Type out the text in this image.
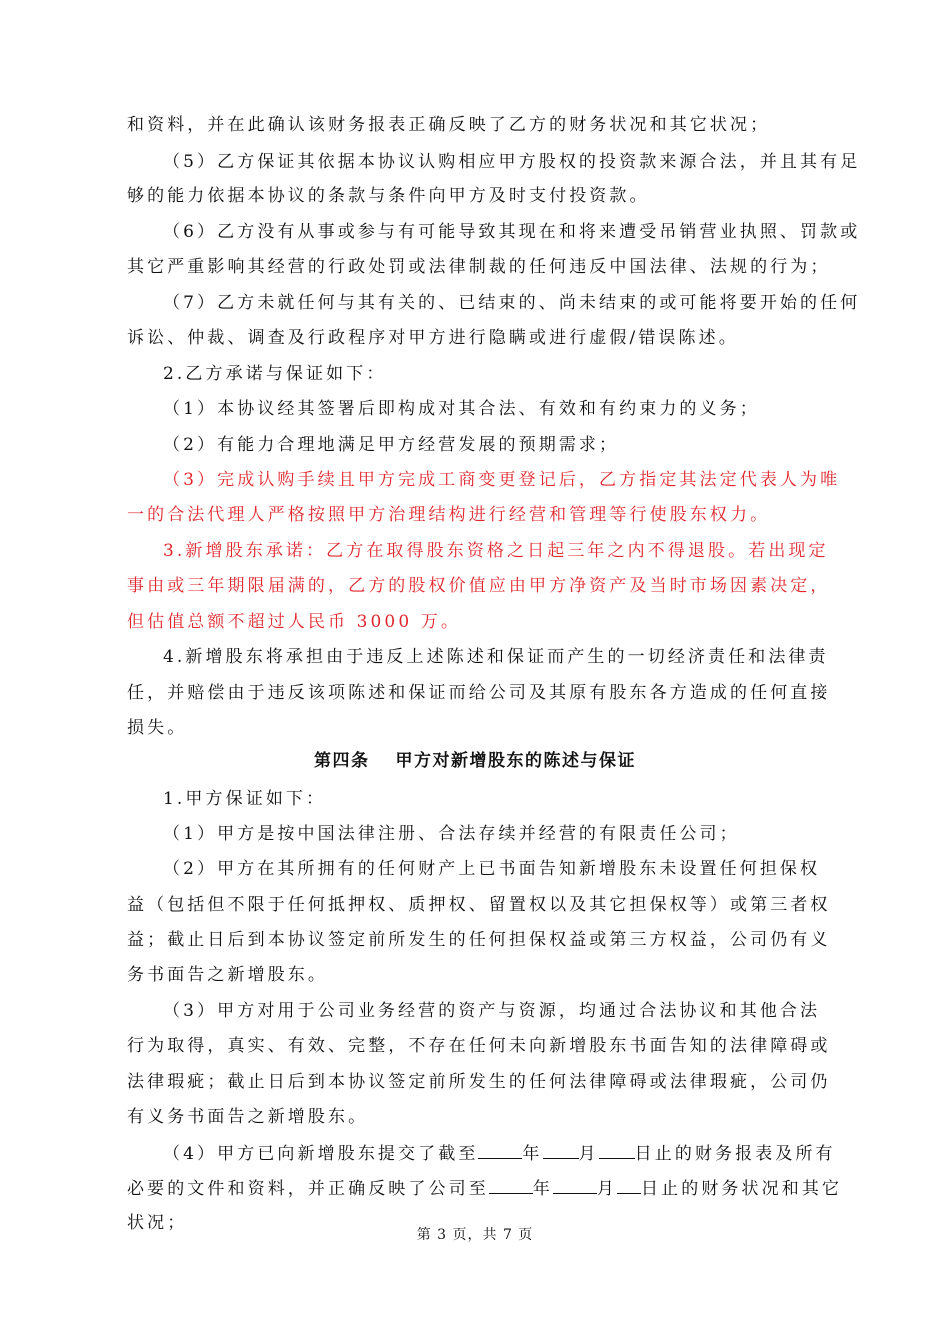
和资料，并在此确认该财务报表正确反映了乙方的财务状况和其它状况；
（5）乙方保证其依据本协议认购相应甲方股权的投资款来源合法，并且其有足
够的能力依据本协议的条款与条件向甲方及时支付投资款。
（6）乙方没有从事或参与有可能导致其现在和将来遭受吊销营业执照、罚款或
其它严重影响其经营的行政处罚或法律制裁的任何违反中国法律、法规的行为；
（7）乙方未就任何与其有关的、已结束的、尚未结束的或可能将要开始的任何
诉讼、仲裁、调查及行政程序对甲方进行隐瞒或进行虚假/错误陈述。
2.乙方承诺与保证如下：
（1）本协议经其签署后即构成对其合法、有效和有约束力的义务；
（2）有能力合理地满足甲方经营发展的预期需求；
（3）完成认购手续且甲方完成工商变更登记后，乙方指定其法定代表人为唯
一的合法代理人严格按照甲方治理结构进行经营和管理等行使股东权力。
3.新增股东承诺：乙方在取得股东资格之日起三年之内不得退股。若出现定
事由或三年期限届满的，乙方的股权价值应由甲方净资产及当时市场因素决定，
但估值总额不超过人民币 3000 万。
4.新增股东将承担由于违反上述陈述和保证而产生的一切经济责任和法律责
任，并赔偿由于违反该项陈述和保证而给公司及其原有股东各方造成的任何直接
损失。
第四条 甲方对新增股东的陈述与保证
1.甲方保证如下：
（1）甲方是按中国法律注册、合法存续并经营的有限责任公司；
（2）甲方在其所拥有的任何财产上已书面告知新增股东未设置任何担保权
益（包括但不限于任何抵押权、质押权、留置权以及其它担保权等）或第三者权
益；截止日后到本协议签定前所发生的任何担保权益或第三方权益，公司仍有义
务书面告之新增股东。
（3）甲方对用于公司业务经营的资产与资源，均通过合法协议和其他合法
行为取得，真实、有效、完整，不存在任何未向新增股东书面告知的法律障碍或
法律瑕疵；截止日后到本协议签定前所发生的任何法律障碍或法律瑕疵，公司仍
有义务书面告之新增股东。
（4）甲方已向新增股东提交了截至	年 月 日止的财务报表及所有
必要的文件和资料，并正确反映了公司至	年	月 日止的财务状况和其它
状况；
第 3 页，共 7 页
